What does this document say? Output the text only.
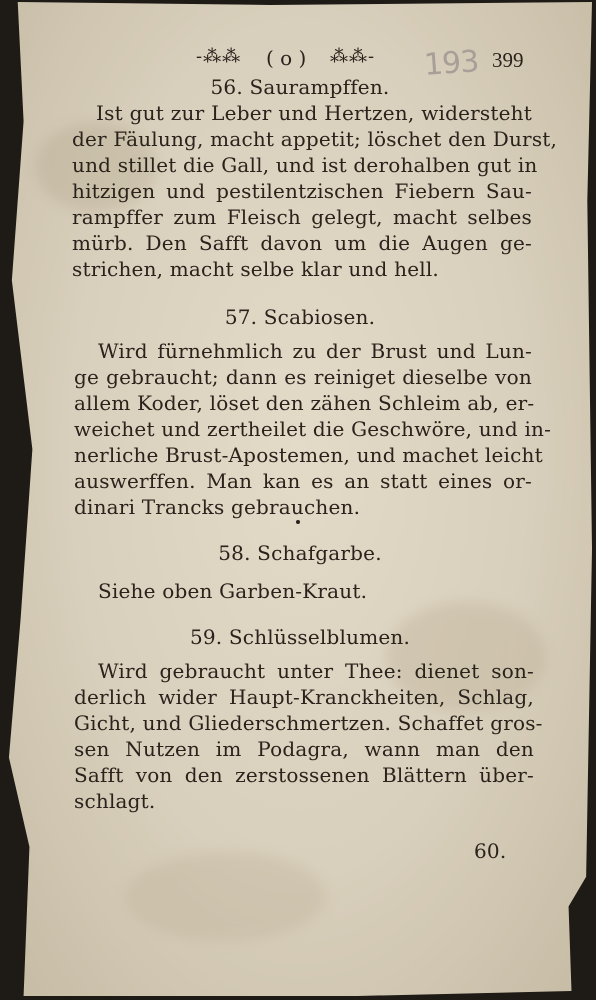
-⁂⁂ ( o ) ⁂⁂- 193 399
56. Saurampffen.
Ist gut zur Leber und Hertzen, widersteht
der Fäulung, macht appetit; löschet den Durst,
und stillet die Gall, und ist derohalben gut in
hitzigen und pestilentzischen Fiebern Sau-
rampffer zum Fleisch gelegt, macht selbes
mürb. Den Safft davon um die Augen ge-
strichen, macht selbe klar und hell.
57. Scabiosen.
Wird fürnehmlich zu der Brust und Lun-
ge gebraucht; dann es reiniget dieselbe von
allem Koder, löset den zähen Schleim ab, er-
weichet und zertheilet die Geschwöre, und in-
nerliche Brust-Apostemen, und machet leicht
auswerffen. Man kan es an statt eines or-
dinari Trancks gebrauchen.
58. Schafgarbe.
Siehe oben Garben-Kraut.
59. Schlüsselblumen.
Wird gebraucht unter Thee: dienet son-
derlich wider Haupt-Kranckheiten, Schlag,
Gicht, und Gliederschmertzen. Schaffet gros-
sen Nutzen im Podagra, wann man den
Safft von den zerstossenen Blättern über-
schlagt.
60.
